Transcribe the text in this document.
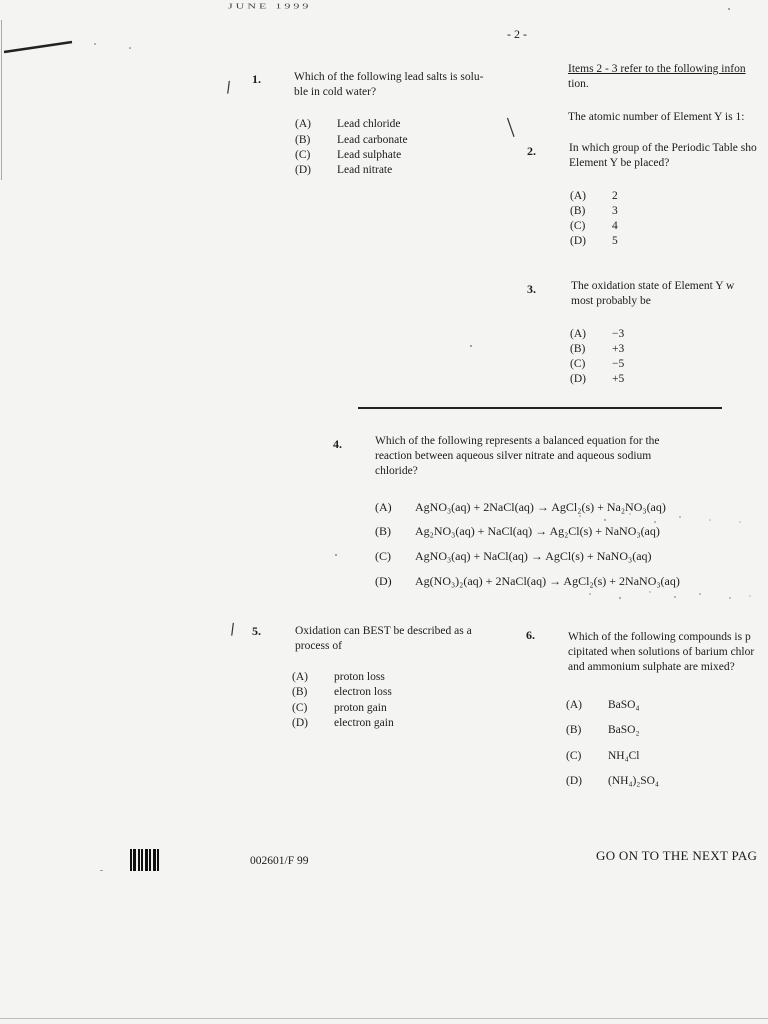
JUNE 1999
- 2 -
/ 1.	Which of the following lead salts is solu-
ble in cold water?
(A) Lead chloride
(B) Lead carbonate
(C) Lead sulphate
(D) Lead nitrate
Items 2 - 3 refer to the following infon
tion.
The atomic number of Element Y is 1:
/
2.	In which group of the Periodic Table sho
Element Y be placed?
(A) 2
(B) 3
(C) 4
(D) 5
3.	The oxidation state of Element Y w
most probably be
(A) −3
(B) +3
(C) −5
(D) +5
4.	Which of the following represents a balanced equation for the
reaction between aqueous silver nitrate and aqueous sodium
chloride?
(A) AgNO₃(aq) + 2NaCl(aq) → AgCl₂(s) + Na₂NO₃(aq)
(B) Ag₂NO₃(aq) + NaCl(aq) → Ag₂Cl(s) + NaNO₃(aq)
(C) AgNO₃(aq) + NaCl(aq) → AgCl(s) + NaNO₃(aq)
(D) Ag(NO₃)₂(aq) + 2NaCl(aq) → AgCl₂(s) + 2NaNO₃(aq)
/ 5.	Oxidation can BEST be described as a
process of
(A) proton loss
(B) electron loss
(C) proton gain
(D) electron gain
6.	Which of the following compounds is p
cipitated when solutions of barium chlor
and ammonium sulphate are mixed?
(A) BaSO₄
(B) BaSO₂
(C) NH₄Cl
(D) (NH₄)₂SO₄
002601/F 99	GO ON TO THE NEXT PAG
